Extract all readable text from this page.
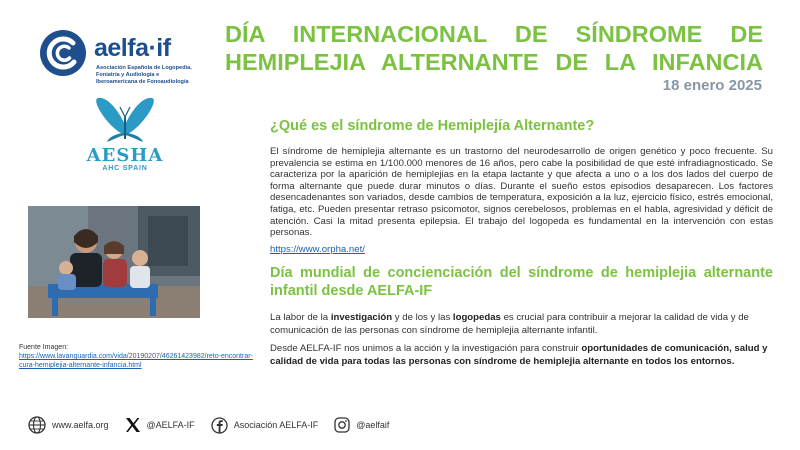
aelfa·if
Asociación Española de Logopedia,
Foniatría y Audiología e
Iberoamericana de Fonoaudiología
DÍA INTERNACIONAL DE SÍNDROME DE
HEMIPLEJIA ALTERNANTE DE LA INFANCIA
18 enero 2025
AESHA
AHC SPAIN
Fuente Imagen:
https://www.lavanguardia.com/vida/20190207/46261423982/reto-encontrar-cura-hemiplejia-alternante-infancia.html
¿Qué es el síndrome de Hemiplejía Alternante?
El síndrome de hemiplejia alternante es un trastorno del neurodesarrollo de origen genético y poco frecuente. Su prevalencia se estima en 1/100.000 menores de 16 años, pero cabe la posibilidad de que esté infradiagnosticado. Se caracteriza por la aparición de hemiplejias en la etapa lactante y que afecta a uno o a los dos lados del cuerpo de forma alternante que puede durar minutos o días. Durante el sueño estos episodios desaparecen. Los factores desencadenantes son variados, desde cambios de temperatura, exposición a la luz, ejercicio físico, estrés emocional, fatiga, etc. Pueden presentar retraso psicomotor, signos cerebelosos, problemas en el habla, agresividad y déficit de atención. Casi la mitad presenta epilepsia. El trabajo del logopeda es fundamental en la intervención con estas personas.
https://www.orpha.net/
Día mundial de concienciación del síndrome de hemiplejia alternante infantil desde AELFA-IF
La labor de la investigación y de los y las logopedas es crucial para contribuir a mejorar la calidad de vida y de comunicación de las personas con síndrome de hemiplejia alternante infantil.
Desde AELFA-IF nos unimos a la acción y la investigación para construir oportunidades de comunicación, salud y calidad de vida para todas las personas con síndrome de hemiplejia alternante en todos los entornos.
www.aelfa.org	@AELFA-IF	Asociación AELFA-IF	@aelfaif
